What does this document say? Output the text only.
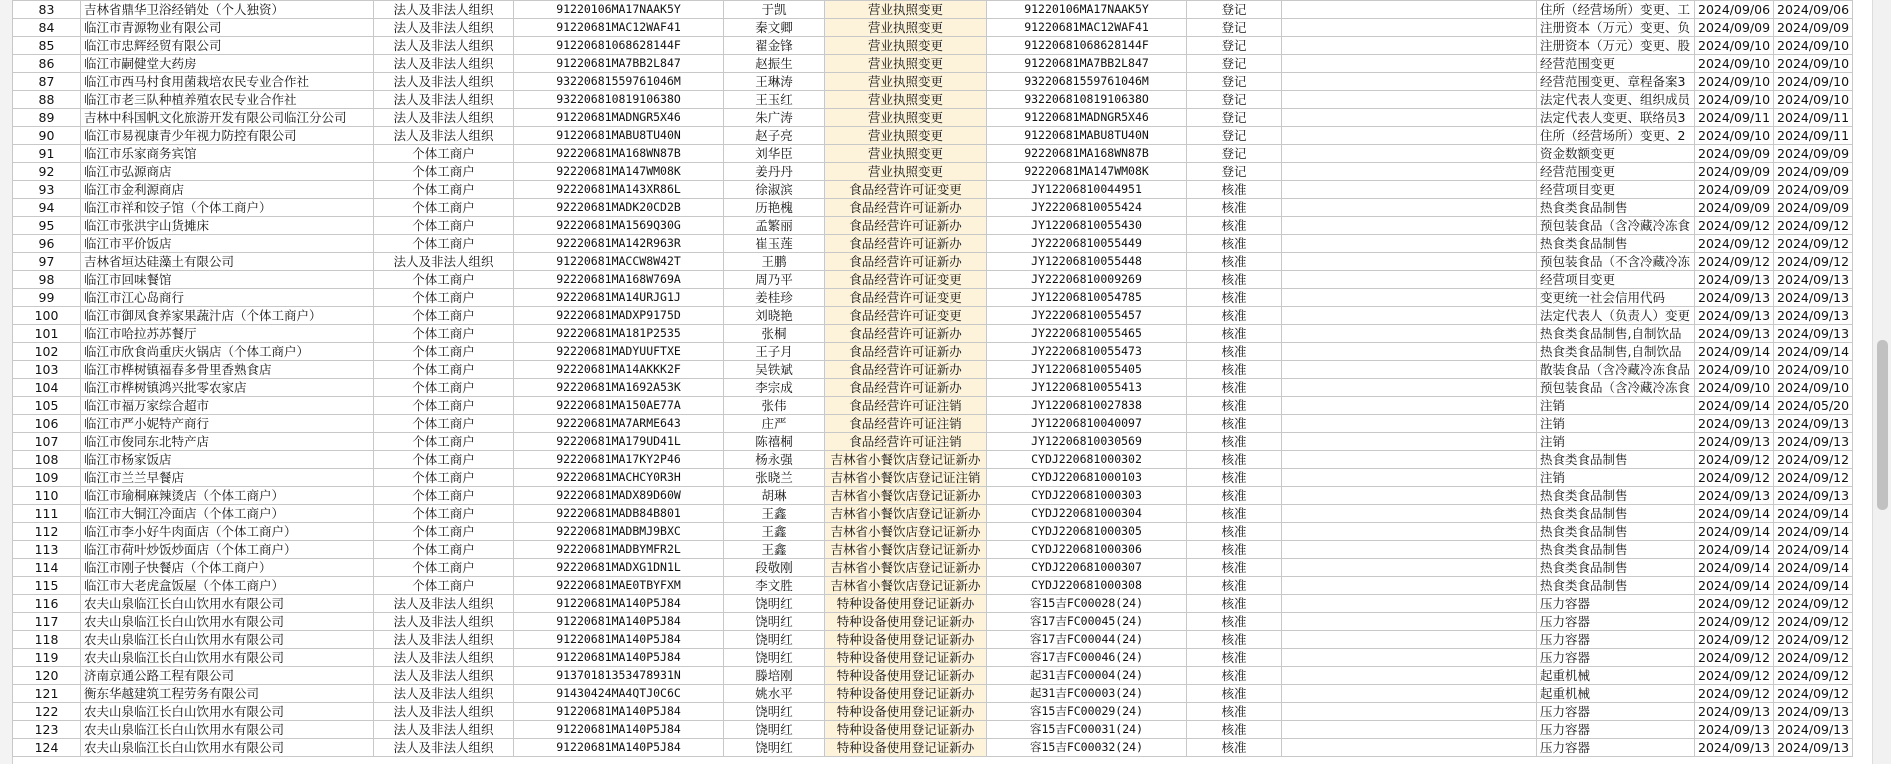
83	吉林省鼎华卫浴经销处（个人独资）	法人及非法人组织	91220106MA17NAAK5Y	于凯	营业执照变更	91220106MA17NAAK5Y	登记		住所（经营场所）变更、工	2024/09/06	2024/09/06
84	临江市青源物业有限公司	法人及非法人组织	91220681MAC12WAF41	秦文卿	营业执照变更	91220681MAC12WAF41	登记		注册资本（万元）变更、负	2024/09/09	2024/09/09
85	临江市忠辉经贸有限公司	法人及非法人组织	91220681068628144F	翟金锋	营业执照变更	91220681068628144F	登记		注册资本（万元）变更、股	2024/09/10	2024/09/10
86	临江市嗣健堂大药房	法人及非法人组织	91220681MA7BB2L847	赵振生	营业执照变更	91220681MA7BB2L847	登记		经营范围变更	2024/09/10	2024/09/10
87	临江市西马村食用菌栽培农民专业合作社	法人及非法人组织	93220681559761046M	王琳涛	营业执照变更	93220681559761046M	登记		经营范围变更、章程备案3	2024/09/10	2024/09/10
88	临江市老三队种植养殖农民专业合作社	法人及非法人组织	93220681081910638O	王玉红	营业执照变更	93220681081910638O	登记		法定代表人变更、组织成员	2024/09/10	2024/09/10
89	吉林中科国帆文化旅游开发有限公司临江分公司	法人及非法人组织	91220681MADNGR5X46	朱广涛	营业执照变更	91220681MADNGR5X46	登记		法定代表人变更、联络员3	2024/09/11	2024/09/11
90	临江市易视康青少年视力防控有限公司	法人及非法人组织	91220681MABU8TU40N	赵子亮	营业执照变更	91220681MABU8TU40N	登记		住所（经营场所）变更、2	2024/09/10	2024/09/11
91	临江市乐家商务宾馆	个体工商户	92220681MA168WN87B	刘华臣	营业执照变更	92220681MA168WN87B	登记		资金数额变更	2024/09/09	2024/09/09
92	临江市弘源商店	个体工商户	92220681MA147WM08K	姜丹丹	营业执照变更	92220681MA147WM08K	登记		经营范围变更	2024/09/09	2024/09/09
93	临江市金利源商店	个体工商户	92220681MA143XR86L	徐淑滨	食品经营许可证变更	JY12206810044951	核准		经营项目变更	2024/09/09	2024/09/09
94	临江市祥和饺子馆（个体工商户）	个体工商户	92220681MADK20CD2B	历艳槐	食品经营许可证新办	JY22206810055424	核准		热食类食品制售	2024/09/09	2024/09/09
95	临江市张洪宇山货摊床	个体工商户	92220681MA1569Q30G	孟繁丽	食品经营许可证新办	JY12206810055430	核准		预包装食品（含冷藏冷冻食	2024/09/12	2024/09/12
96	临江市平价饭店	个体工商户	92220681MA142R963R	崔玉莲	食品经营许可证新办	JY22206810055449	核准		热食类食品制售	2024/09/12	2024/09/12
97	吉林省垣达硅藻土有限公司	法人及非法人组织	91220681MACCW8W42T	王鹏	食品经营许可证新办	JY12206810055448	核准		预包装食品（不含冷藏冷冻	2024/09/12	2024/09/12
98	临江市回味餐馆	个体工商户	92220681MA168W769A	周乃平	食品经营许可证变更	JY22206810009269	核准		经营项目变更	2024/09/13	2024/09/13
99	临江市江心岛商行	个体工商户	92220681MA14URJG1J	姜桂珍	食品经营许可证变更	JY12206810054785	核准		变更统一社会信用代码	2024/09/13	2024/09/13
100	临江市御凤食养家果蔬汁店（个体工商户）	个体工商户	92220681MADXP9175D	刘晓艳	食品经营许可证变更	JY22206810055457	核准		法定代表人（负责人）变更	2024/09/13	2024/09/13
101	临江市哈拉苏苏餐厅	个体工商户	92220681MA181P2535	张桐	食品经营许可证新办	JY22206810055465	核准		热食类食品制售,自制饮品	2024/09/13	2024/09/13
102	临江市欣食尚重庆火锅店（个体工商户）	个体工商户	92220681MADYUUFTXE	王子月	食品经营许可证新办	JY22206810055473	核准		热食类食品制售,自制饮品	2024/09/14	2024/09/14
103	临江市桦树镇福春多骨里香熟食店	个体工商户	92220681MA14AKKK2F	吴铁斌	食品经营许可证新办	JY12206810055405	核准		散装食品（含冷藏冷冻食品	2024/09/10	2024/09/10
104	临江市桦树镇鸿兴批零农家店	个体工商户	92220681MA1692A53K	李宗成	食品经营许可证新办	JY12206810055413	核准		预包装食品（含冷藏冷冻食	2024/09/10	2024/09/10
105	临江市福万家综合超市	个体工商户	92220681MA150AE77A	张伟	食品经营许可证注销	JY12206810027838	核准		注销	2024/09/14	2024/05/20
106	临江市严小妮特产商行	个体工商户	92220681MA7ARME643	庄严	食品经营许可证注销	JY12206810040097	核准		注销	2024/09/13	2024/09/13
107	临江市俊同东北特产店	个体工商户	92220681MA179UD41L	陈禧桐	食品经营许可证注销	JY12206810030569	核准		注销	2024/09/13	2024/09/13
108	临江市杨家饭店	个体工商户	92220681MA17KY2P46	杨永强	吉林省小餐饮店登记证新办	CYDJ220681000302	核准		热食类食品制售	2024/09/12	2024/09/12
109	临江市兰兰早餐店	个体工商户	92220681MACHCY0R3H	张晓兰	吉林省小餐饮店登记证注销	CYDJ220681000103	核准		注销	2024/09/12	2024/09/12
110	临江市瑜桐麻辣烫店（个体工商户）	个体工商户	92220681MADX89D60W	胡琳	吉林省小餐饮店登记证新办	CYDJ220681000303	核准		热食类食品制售	2024/09/13	2024/09/13
111	临江市大铜江冷面店（个体工商户）	个体工商户	92220681MADB84B801	王鑫	吉林省小餐饮店登记证新办	CYDJ220681000304	核准		热食类食品制售	2024/09/14	2024/09/14
112	临江市李小好牛肉面店（个体工商户）	个体工商户	92220681MADBMJ9BXC	王鑫	吉林省小餐饮店登记证新办	CYDJ220681000305	核准		热食类食品制售	2024/09/14	2024/09/14
113	临江市荷叶炒饭炒面店（个体工商户）	个体工商户	92220681MADBYMFR2L	王鑫	吉林省小餐饮店登记证新办	CYDJ220681000306	核准		热食类食品制售	2024/09/14	2024/09/14
114	临江市刚子快餐店（个体工商户）	个体工商户	92220681MADXG1DN1L	段敬刚	吉林省小餐饮店登记证新办	CYDJ220681000307	核准		热食类食品制售	2024/09/14	2024/09/14
115	临江市大老虎盒饭屋（个体工商户）	个体工商户	92220681MAE0TBYFXM	李文胜	吉林省小餐饮店登记证新办	CYDJ220681000308	核准		热食类食品制售	2024/09/14	2024/09/14
116	农夫山泉临江长白山饮用水有限公司	法人及非法人组织	91220681MA140P5J84	饶明红	特种设备使用登记证新办	容15吉FC00028(24)	核准		压力容器	2024/09/12	2024/09/12
117	农夫山泉临江长白山饮用水有限公司	法人及非法人组织	91220681MA140P5J84	饶明红	特种设备使用登记证新办	容17吉FC00045(24)	核准		压力容器	2024/09/12	2024/09/12
118	农夫山泉临江长白山饮用水有限公司	法人及非法人组织	91220681MA140P5J84	饶明红	特种设备使用登记证新办	容17吉FC00044(24)	核准		压力容器	2024/09/12	2024/09/12
119	农夫山泉临江长白山饮用水有限公司	法人及非法人组织	91220681MA140P5J84	饶明红	特种设备使用登记证新办	容17吉FC00046(24)	核准		压力容器	2024/09/12	2024/09/12
120	济南京通公路工程有限公司	法人及非法人组织	91370181353478931N	滕培刚	特种设备使用登记证新办	起31吉FC00004(24)	核准		起重机械	2024/09/12	2024/09/12
121	衡东华越建筑工程劳务有限公司	法人及非法人组织	91430424MA4QTJ0C6C	姚水平	特种设备使用登记证新办	起31吉FC00003(24)	核准		起重机械	2024/09/12	2024/09/12
122	农夫山泉临江长白山饮用水有限公司	法人及非法人组织	91220681MA140P5J84	饶明红	特种设备使用登记证新办	容15吉FC00029(24)	核准		压力容器	2024/09/13	2024/09/13
123	农夫山泉临江长白山饮用水有限公司	法人及非法人组织	91220681MA140P5J84	饶明红	特种设备使用登记证新办	容15吉FC00031(24)	核准		压力容器	2024/09/13	2024/09/13
124	农夫山泉临江长白山饮用水有限公司	法人及非法人组织	91220681MA140P5J84	饶明红	特种设备使用登记证新办	容15吉FC00032(24)	核准		压力容器	2024/09/13	2024/09/13
